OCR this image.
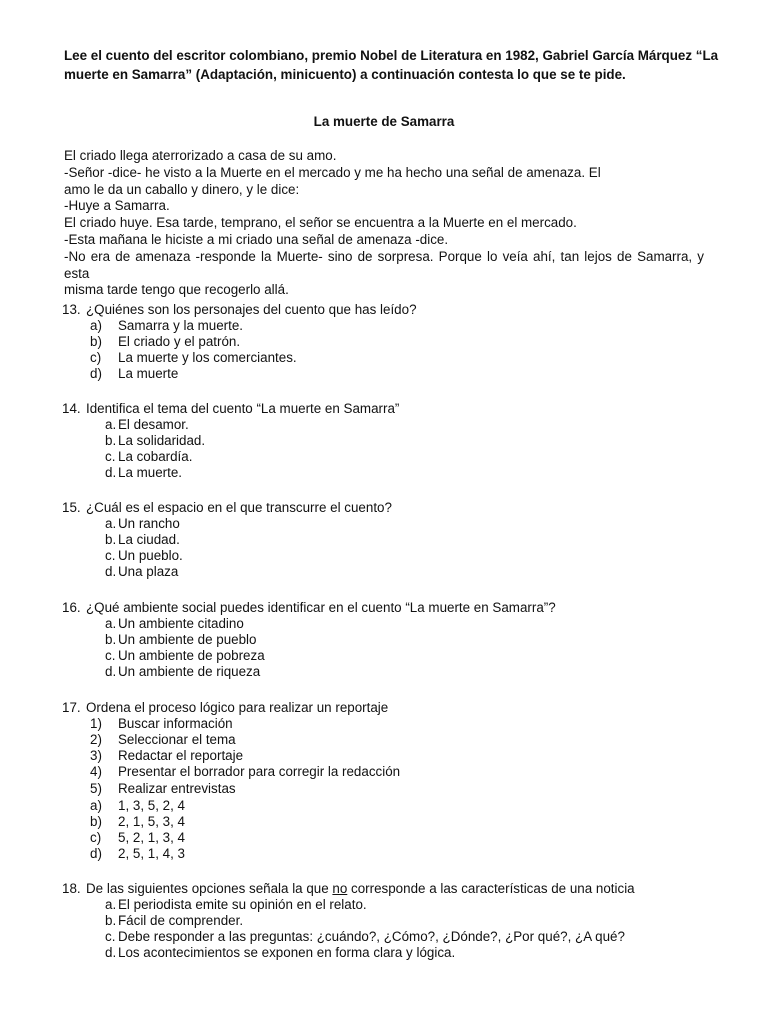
Lee el cuento del escritor colombiano, premio Nobel de Literatura en 1982, Gabriel García Márquez “La muerte en Samarra” (Adaptación, minicuento) a continuación contesta lo que se te pide.
La muerte de Samarra
El criado llega aterrorizado a casa de su amo.
-Señor -dice- he visto a la Muerte en el mercado y me ha hecho una señal de amenaza. El
amo le da un caballo y dinero, y le dice:
-Huye a Samarra.
El criado huye. Esa tarde, temprano, el señor se encuentra a la Muerte en el mercado.
-Esta mañana le hiciste a mi criado una señal de amenaza -dice.
-No era de amenaza -responde la Muerte- sino de sorpresa. Porque lo veía ahí, tan lejos de Samarra, y esta
misma tarde tengo que recogerlo allá.
13. ¿Quiénes son los personajes del cuento que has leído?
a) Samarra y la muerte.
b) El criado y el patrón.
c) La muerte y los comerciantes.
d) La muerte
14. Identifica el tema del cuento “La muerte en Samarra”
a. El desamor.
b. La solidaridad.
c. La cobardía.
d. La muerte.
15. ¿Cuál es el espacio en el que transcurre el cuento?
a. Un rancho
b. La ciudad.
c. Un pueblo.
d. Una plaza
16. ¿Qué ambiente social puedes identificar en el cuento “La muerte en Samarra”?
a. Un ambiente citadino
b. Un ambiente de pueblo
c. Un ambiente de pobreza
d. Un ambiente de riqueza
17. Ordena el proceso lógico para realizar un reportaje
1) Buscar información
2) Seleccionar el tema
3) Redactar el reportaje
4) Presentar el borrador para corregir la redacción
5) Realizar entrevistas
a) 1, 3, 5, 2, 4
b) 2, 1, 5, 3, 4
c) 5, 2, 1, 3, 4
d) 2, 5, 1, 4, 3
18. De las siguientes opciones señala la que no corresponde a las características de una noticia
a. El periodista emite su opinión en el relato.
b. Fácil de comprender.
c. Debe responder a las preguntas: ¿cuándo?, ¿Cómo?, ¿Dónde?, ¿Por qué?, ¿A qué?
d. Los acontecimientos se exponen en forma clara y lógica.
